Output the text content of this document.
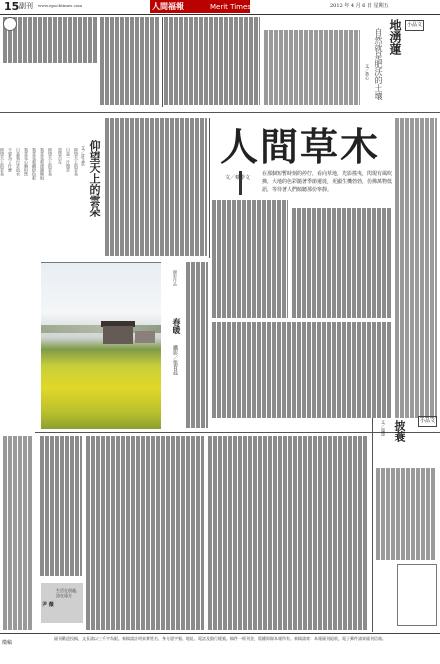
15 副刊 www.epochtimes.com	人間福報	Merit Times	2012 年 4 月 6 日 星期五
小品文
地湧蓮
自然就是肥沃的土壤
文／黃心
仰望天上的雲朵
文／許文雲
仰望天上的雲朵
只是一片閒雲
悠悠自在
仰望天上的雲朵
我喜見那遼闊無垠
我喜見那繽紛色彩
我喜見心胸坦然
只是我行雲流水
不要為了什麼
仰望天上的雲朵	人間草木
文／蔡學文
在那個短暫時刻的停佇，看向草地，光影搖曳，閃現有風吹拂，大地的色彩隨著季節遷徙，更顯生機勃勃，仿佛萬物低語，等待著人們傾聽那份寧靜。
攝影作品
春暖
攝影／張育晨
小品文
披蓑
文／溫瀅
尹 薇
生活在別處，詩在遠方
徵稿
副刊歡迎投稿，文長請以三千字為限。來稿請註明真實姓名、身分證字號、地址、電話及銀行帳號。稿件一經刊登，版權即歸本報所有。來稿請寄：本報副刊組收。電子郵件請寄副刊信箱。
